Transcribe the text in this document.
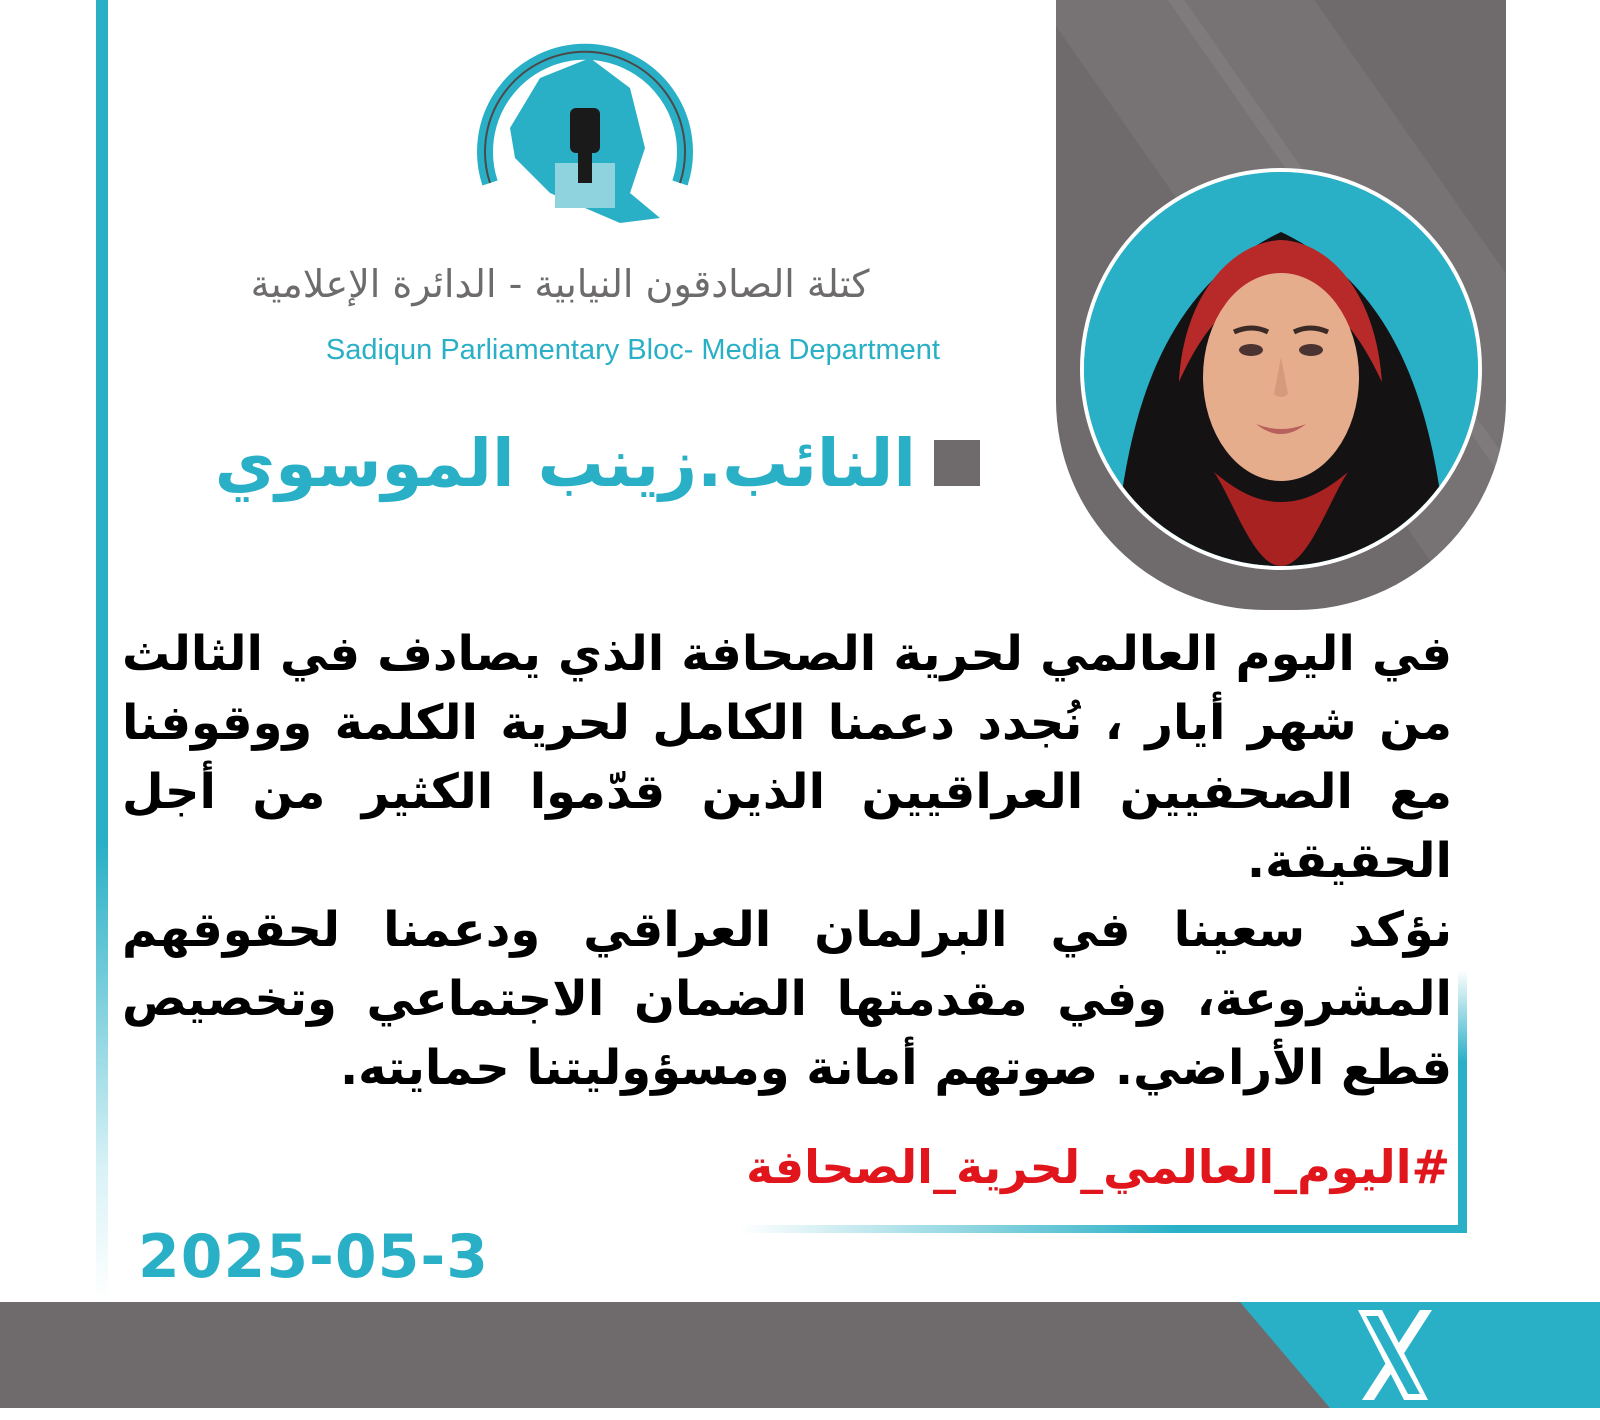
كتلة الصادقون النيابية - الدائرة الإعلامية
Sadiqun Parliamentary Bloc- Media Department
النائب.زينب الموسوي

في اليوم العالمي لحرية الصحافة الذي يصادف في الثالث من شهر أيار ، نُجدد دعمنا الكامل لحرية الكلمة ووقوفنا مع الصحفيين العراقيين الذين قدّموا الكثير من أجل الحقيقة.

نؤكد سعينا في البرلمان العراقي ودعمنا لحقوقهم المشروعة، وفي مقدمتها الضمان الاجتماعي وتخصيص قطع الأراضي. صوتهم أمانة ومسؤوليتنا حمايته.

#اليوم_العالمي_لحرية_الصحافة
2025-05-3
